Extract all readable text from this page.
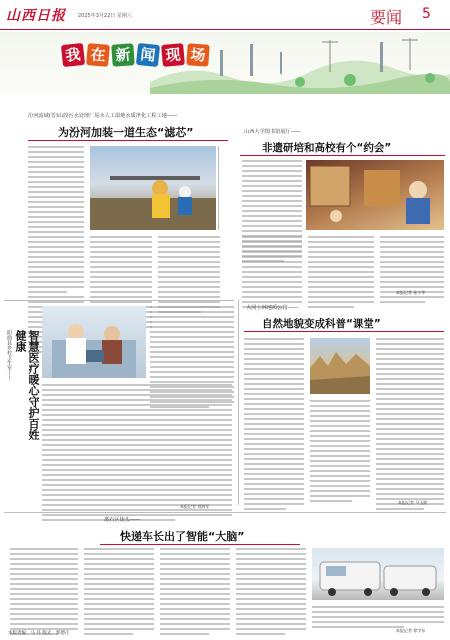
山西日报 2025年3月22日 星期六	要闻 5
我 在 新 闻 现 场
汾河流域(晋)山段污水处理厂尾水人工湿地水质净化工程工地——
为汾河加装一道生态“滤芯”	山西大学图书馆展厅——
非遗研培和高校有个“约会”
本报记者 张少华
阳曲县乡村卫生室——	智慧医疗暖心守护百姓健康
本报记者 刘海军
大同土林地质公园——
自然地貌变成科普“课堂”
本报记者 马玉婷
离石区街头——
快递车长出了智能“大脑”
本报记者 徐学东
本版责编：马 丹 版式：郭德正
